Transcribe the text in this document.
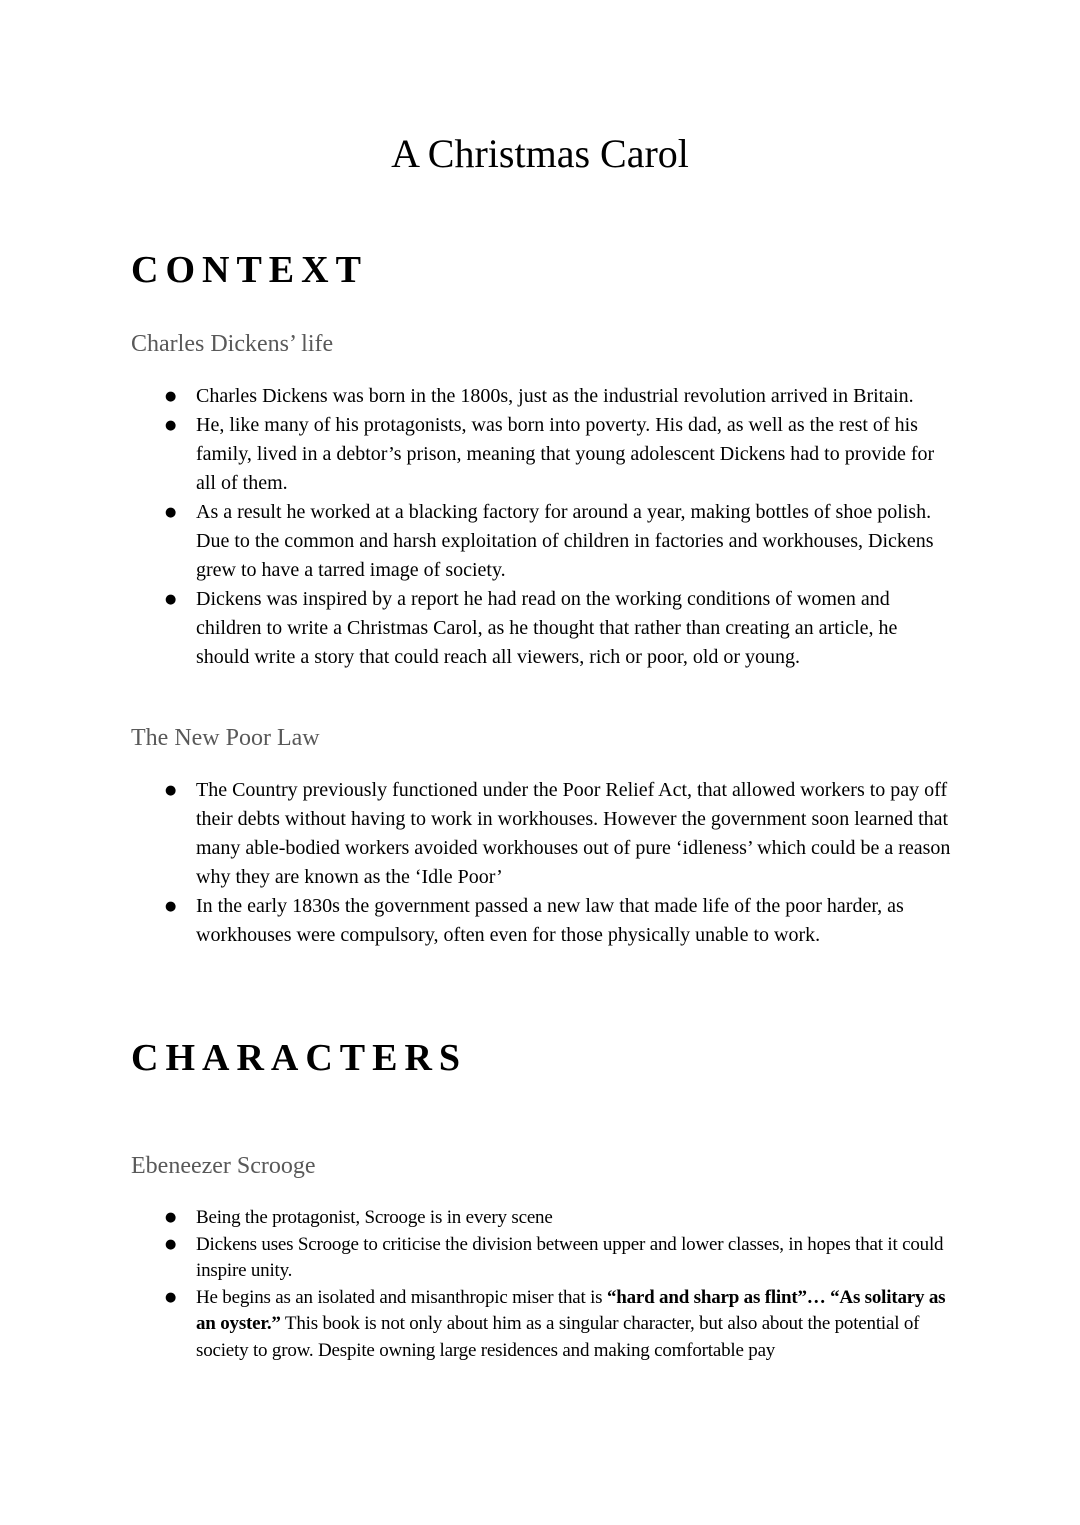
A Christmas Carol
CONTEXT
Charles Dickens’ life
● Charles Dickens was born in the 1800s, just as the industrial revolution arrived in Britain.
● He, like many of his protagonists, was born into poverty. His dad, as well as the rest of his family, lived in a debtor’s prison, meaning that young adolescent Dickens had to provide for all of them.
● As a result he worked at a blacking factory for around a year, making bottles of shoe polish. Due to the common and harsh exploitation of children in factories and workhouses, Dickens grew to have a tarred image of society.
● Dickens was inspired by a report he had read on the working conditions of women and children to write a Christmas Carol, as he thought that rather than creating an article, he should write a story that could reach all viewers, rich or poor, old or young.
The New Poor Law
● The Country previously functioned under the Poor Relief Act, that allowed workers to pay off their debts without having to work in workhouses. However the government soon learned that many able-bodied workers avoided workhouses out of pure ‘idleness’ which could be a reason why they are known as the ‘Idle Poor’
● In the early 1830s the government passed a new law that made life of the poor harder, as workhouses were compulsory, often even for those physically unable to work.
CHARACTERS
Ebeneezer Scrooge
● Being the protagonist, Scrooge is in every scene
● Dickens uses Scrooge to criticise the division between upper and lower classes, in hopes that it could inspire unity.
● He begins as an isolated and misanthropic miser that is “hard and sharp as flint”… “As solitary as an oyster.” This book is not only about him as a singular character, but also about the potential of society to grow. Despite owning large residences and making comfortable pay
